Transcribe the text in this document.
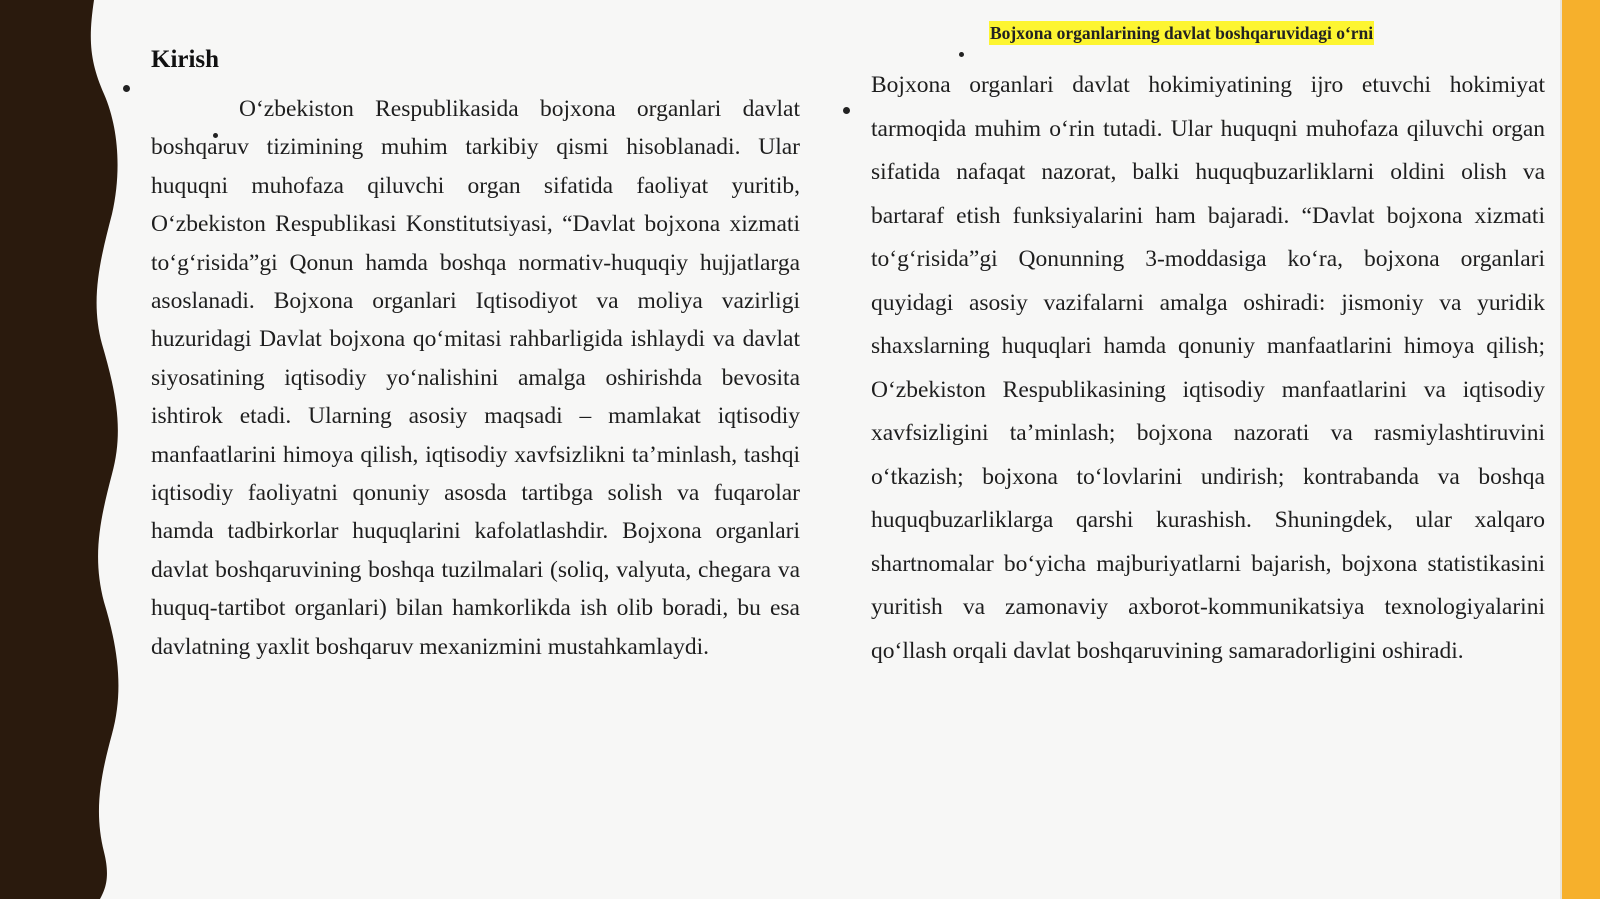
Kirish

O‘zbekiston Respublikasida bojxona organlari davlat boshqaruv tizimining muhim tarkibiy qismi hisoblanadi. Ular huquqni muhofaza qiluvchi organ sifatida faoliyat yuritib, O‘zbekiston Respublikasi Konstitutsiyasi, “Davlat bojxona xizmati to‘g‘risida”gi Qonun hamda boshqa normativ-huquqiy hujjatlarga asoslanadi. Bojxona organlari Iqtisodiyot va moliya vazirligi huzuridagi Davlat bojxona qo‘mitasi rahbarligida ishlaydi va davlat siyosatining iqtisodiy yo‘nalishini amalga oshirishda bevosita ishtirok etadi. Ularning asosiy maqsadi – mamlakat iqtisodiy manfaatlarini himoya qilish, iqtisodiy xavfsizlikni ta’minlash, tashqi iqtisodiy faoliyatni qonuniy asosda tartibga solish va fuqarolar hamda tadbirkorlar huquqlarini kafolatlashdir. Bojxona organlari davlat boshqaruvining boshqa tuzilmalari (soliq, valyuta, chegara va huquq-tartibot organlari) bilan hamkorlikda ish olib boradi, bu esa davlatning yaxlit boshqaruv mexanizmini mustahkamlaydi.

Bojxona organlarining davlat boshqaruvidagi o‘rni

Bojxona organlari davlat hokimiyatining ijro etuvchi hokimiyat tarmoqida muhim o‘rin tutadi. Ular huquqni muhofaza qiluvchi organ sifatida nafaqat nazorat, balki huquqbuzarliklarni oldini olish va bartaraf etish funksiyalarini ham bajaradi. “Davlat bojxona xizmati to‘g‘risida”gi Qonunning 3-moddasiga ko‘ra, bojxona organlari quyidagi asosiy vazifalarni amalga oshiradi: jismoniy va yuridik shaxslarning huquqlari hamda qonuniy manfaatlarini himoya qilish; O‘zbekiston Respublikasining iqtisodiy manfaatlarini va iqtisodiy xavfsizligini ta’minlash; bojxona nazorati va rasmiylashtiruvini o‘tkazish; bojxona to‘lovlarini undirish; kontrabanda va boshqa huquqbuzarliklarga qarshi kurashish. Shuningdek, ular xalqaro shartnomalar bo‘yicha majburiyatlarni bajarish, bojxona statistikasini yuritish va zamonaviy axborot-kommunikatsiya texnologiyalarini qo‘llash orqali davlat boshqaruvining samaradorligini oshiradi.
